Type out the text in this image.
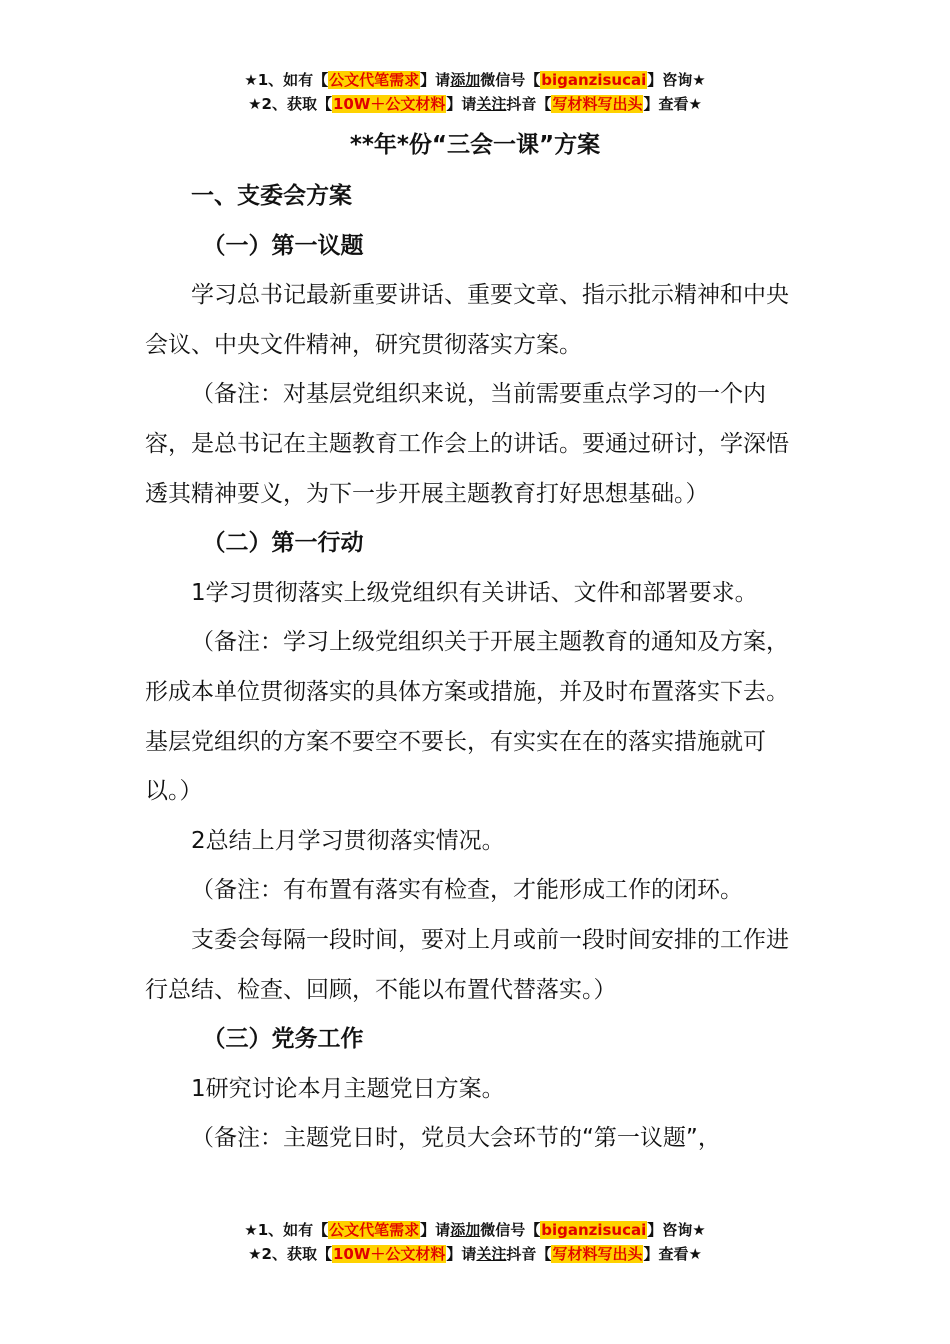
★1、如有【公文代笔需求】请添加微信号【biganzisucai】咨询★
★2、获取【10W＋公文材料】请关注抖音【写材料写出头】查看★
**年*份“三会一课”方案
一、支委会方案
（一）第一议题

学习总书记最新重要讲话、重要文章、指示批示精神和中央会议、中央文件精神，研究贯彻落实方案。

（备注：对基层党组织来说，当前需要重点学习的一个内容，是总书记在主题教育工作会上的讲话。要通过研讨，学深悟透其精神要义，为下一步开展主题教育打好思想基础。）

（二）第一行动

1学习贯彻落实上级党组织有关讲话、文件和部署要求。

（备注：学习上级党组织关于开展主题教育的通知及方案，形成本单位贯彻落实的具体方案或措施，并及时布置落实下去。基层党组织的方案不要空不要长，有实实在在的落实措施就可以。）

2总结上月学习贯彻落实情况。

（备注：有布置有落实有检查，才能形成工作的闭环。

支委会每隔一段时间，要对上月或前一段时间安排的工作进行总结、检查、回顾，不能以布置代替落实。）

（三）党务工作

1研究讨论本月主题党日方案。

（备注：主题党日时，党员大会环节的“第一议题”，

★1、如有【公文代笔需求】请添加微信号【biganzisucai】咨询★
★2、获取【10W＋公文材料】请关注抖音【写材料写出头】查看★
